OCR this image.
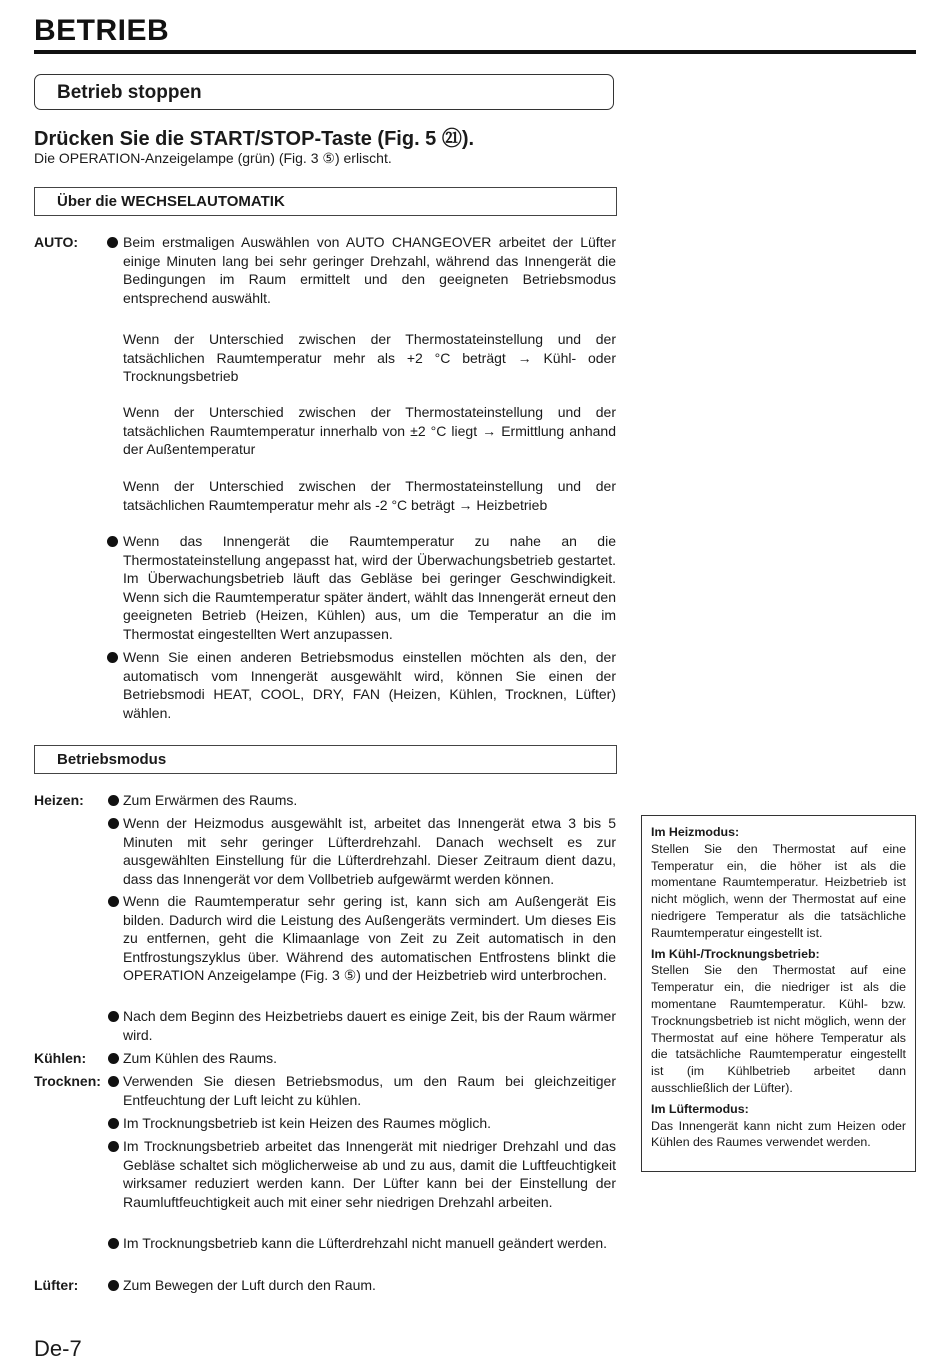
BETRIEB
Betrieb stoppen
Drücken Sie die START/STOP-Taste (Fig. 5 ㉑).
Die OPERATION-Anzeigelampe (grün) (Fig. 3 ⑤) erlischt.
Über die WECHSELAUTOMATIK
AUTO:	Beim erstmaligen Auswählen von AUTO CHANGEOVER arbeitet der Lüfter einige Minuten lang bei sehr geringer Drehzahl, während das Innengerät die Bedingungen im Raum ermittelt und den geeigneten Betriebsmodus entsprechend auswählt.
Wenn der Unterschied zwischen der Thermostateinstellung und der tatsächlichen Raumtemperatur mehr als +2 °C beträgt → Kühl- oder Trocknungsbetrieb
Wenn der Unterschied zwischen der Thermostateinstellung und der tatsächlichen Raumtemperatur innerhalb von ±2 °C liegt → Ermittlung anhand der Außentemperatur
Wenn der Unterschied zwischen der Thermostateinstellung und der tatsächlichen Raumtemperatur mehr als -2 °C beträgt → Heizbetrieb
Wenn das Innengerät die Raumtemperatur zu nahe an die Thermostateinstellung angepasst hat, wird der Überwachungsbetrieb gestartet. Im Überwachungsbetrieb läuft das Gebläse bei geringer Geschwindigkeit. Wenn sich die Raumtemperatur später ändert, wählt das Innengerät erneut den geeigneten Betrieb (Heizen, Kühlen) aus, um die Temperatur an die im Thermostat eingestellten Wert anzupassen.
Wenn Sie einen anderen Betriebsmodus einstellen möchten als den, der automatisch vom Innengerät ausgewählt wird, können Sie einen der Betriebsmodi HEAT, COOL, DRY, FAN (Heizen, Kühlen, Trocknen, Lüfter) wählen.
Betriebsmodus
Heizen:	Zum Erwärmen des Raums.
Wenn der Heizmodus ausgewählt ist, arbeitet das Innengerät etwa 3 bis 5 Minuten mit sehr geringer Lüfterdrehzahl. Danach wechselt es zur ausgewählten Einstellung für die Lüfterdrehzahl. Dieser Zeitraum dient dazu, dass das Innengerät vor dem Vollbetrieb aufgewärmt werden können.
Wenn die Raumtemperatur sehr gering ist, kann sich am Außengerät Eis bilden. Dadurch wird die Leistung des Außengeräts vermindert. Um dieses Eis zu entfernen, geht die Klimaanlage von Zeit zu Zeit automatisch in den Entfrostungszyklus über. Während des automatischen Entfrostens blinkt die OPERATION Anzeigelampe (Fig. 3 ⑤) und der Heizbetrieb wird unterbrochen.
Nach dem Beginn des Heizbetriebs dauert es einige Zeit, bis der Raum wärmer wird.
Kühlen:	Zum Kühlen des Raums.
Trocknen: Verwenden Sie diesen Betriebsmodus, um den Raum bei gleichzeitiger Entfeuchtung der Luft leicht zu kühlen.
Im Trocknungsbetrieb ist kein Heizen des Raumes möglich.
Im Trocknungsbetrieb arbeitet das Innengerät mit niedriger Drehzahl und das Gebläse schaltet sich möglicherweise ab und zu aus, damit die Luftfeuchtigkeit wirksamer reduziert werden kann. Der Lüfter kann bei der Einstellung der Raumluftfeuchtigkeit auch mit einer sehr niedrigen Drehzahl arbeiten.
Im Trocknungsbetrieb kann die Lüfterdrehzahl nicht manuell geändert werden.
Lüfter:	Zum Bewegen der Luft durch den Raum.
Im Heizmodus:
Stellen Sie den Thermostat auf eine Temperatur ein, die höher ist als die momentane Raumtemperatur. Heizbetrieb ist nicht möglich, wenn der Thermostat auf eine niedrigere Temperatur als die tatsächliche Raumtemperatur eingestellt ist.
Im Kühl-/Trocknungsbetrieb:
Stellen Sie den Thermostat auf eine Temperatur ein, die niedriger ist als die momentane Raumtemperatur. Kühl- bzw. Trocknungsbetrieb ist nicht möglich, wenn der Thermostat auf eine höhere Temperatur als die tatsächliche Raumtemperatur eingestellt ist (im Kühlbetrieb arbeitet dann ausschließlich der Lüfter).
Im Lüftermodus:
Das Innengerät kann nicht zum Heizen oder Kühlen des Raumes verwendet werden.
De-7
